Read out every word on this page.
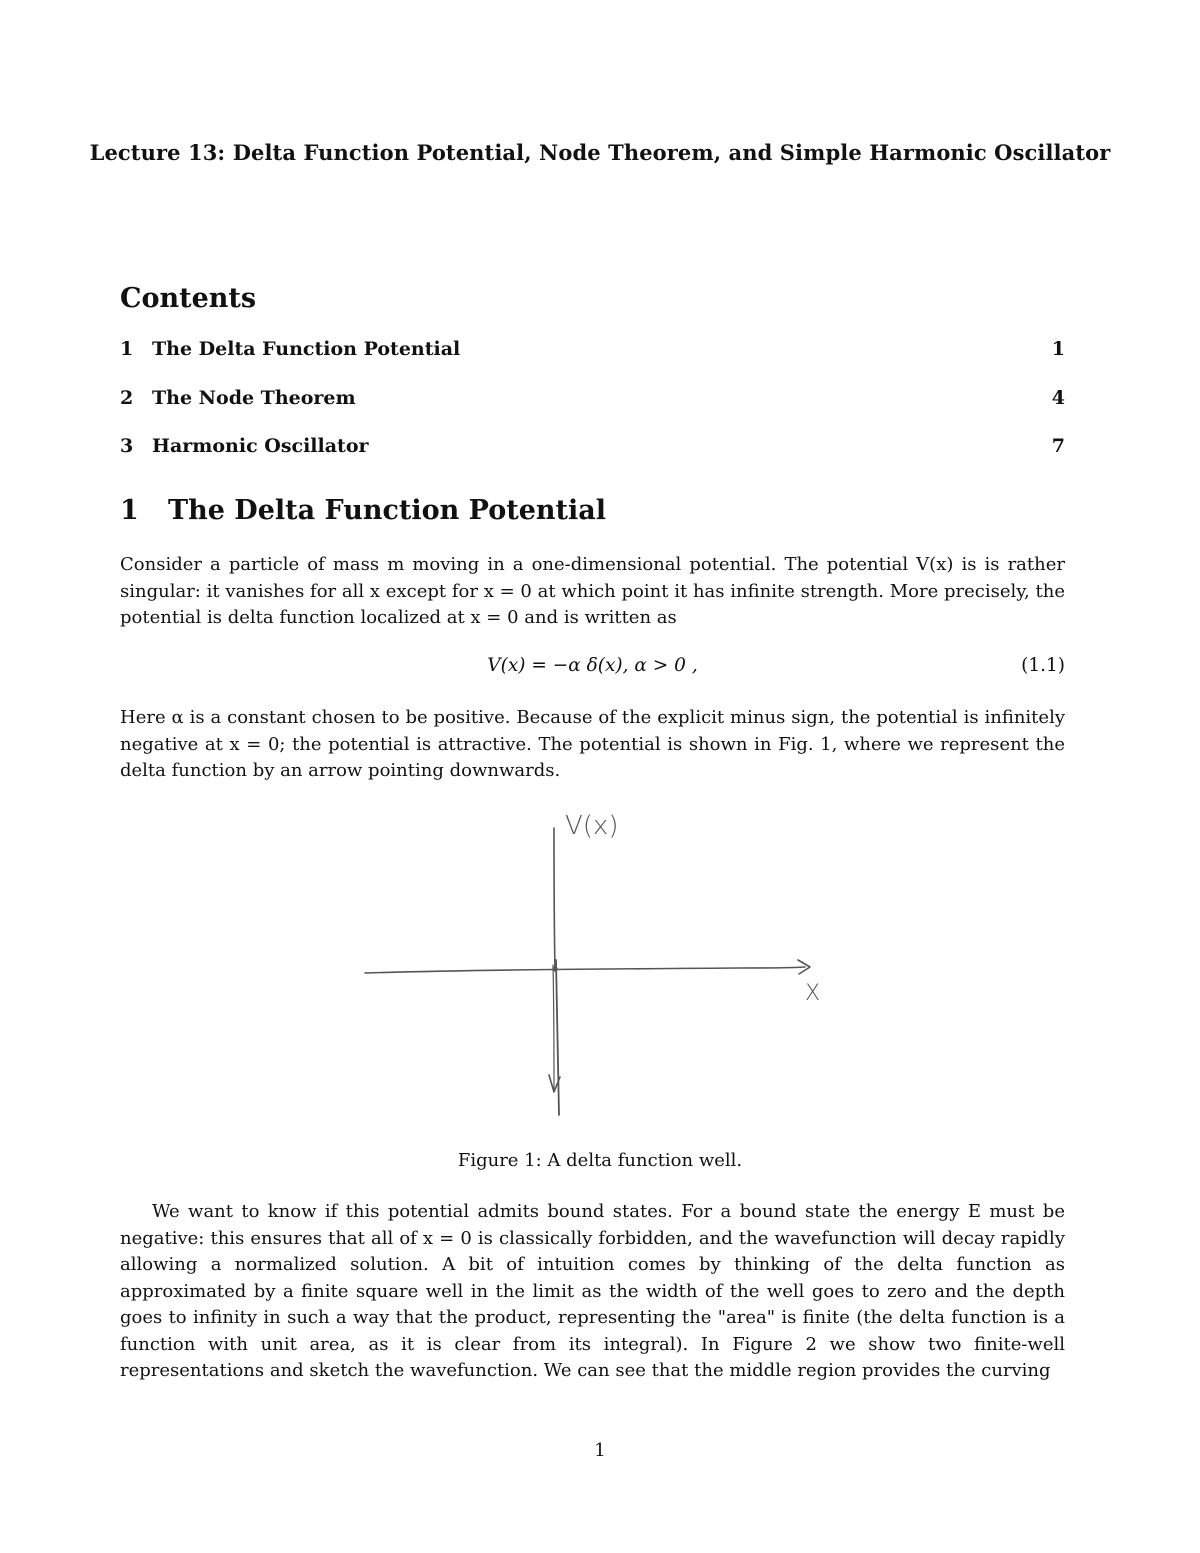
Lecture 13: Delta Function Potential, Node Theorem, and Simple Harmonic Oscillator
Contents
1 The Delta Function Potential	1
2 The Node Theorem	4
3 Harmonic Oscillator	7
1 The Delta Function Potential
Consider a particle of mass m moving in a one-dimensional potential. The potential V(x) is is rather singular: it vanishes for all x except for x = 0 at which point it has infinite strength. More precisely, the potential is delta function localized at x = 0 and is written as
V(x) = −α δ(x), α > 0 ,	(1.1)
Here α is a constant chosen to be positive. Because of the explicit minus sign, the potential is infinitely negative at x = 0; the potential is attractive. The potential is shown in Fig. 1, where we represent the delta function by an arrow pointing downwards.
V(x)
X
Figure 1: A delta function well.
We want to know if this potential admits bound states. For a bound state the energy E must be negative: this ensures that all of x = 0 is classically forbidden, and the wavefunction will decay rapidly allowing a normalized solution. A bit of intuition comes by thinking of the delta function as approximated by a finite square well in the limit as the width of the well goes to zero and the depth goes to infinity in such a way that the product, representing the "area" is finite (the delta function is a function with unit area, as it is clear from its integral). In Figure 2 we show two finite-well representations and sketch the wavefunction. We can see that the middle region provides the curving
1
